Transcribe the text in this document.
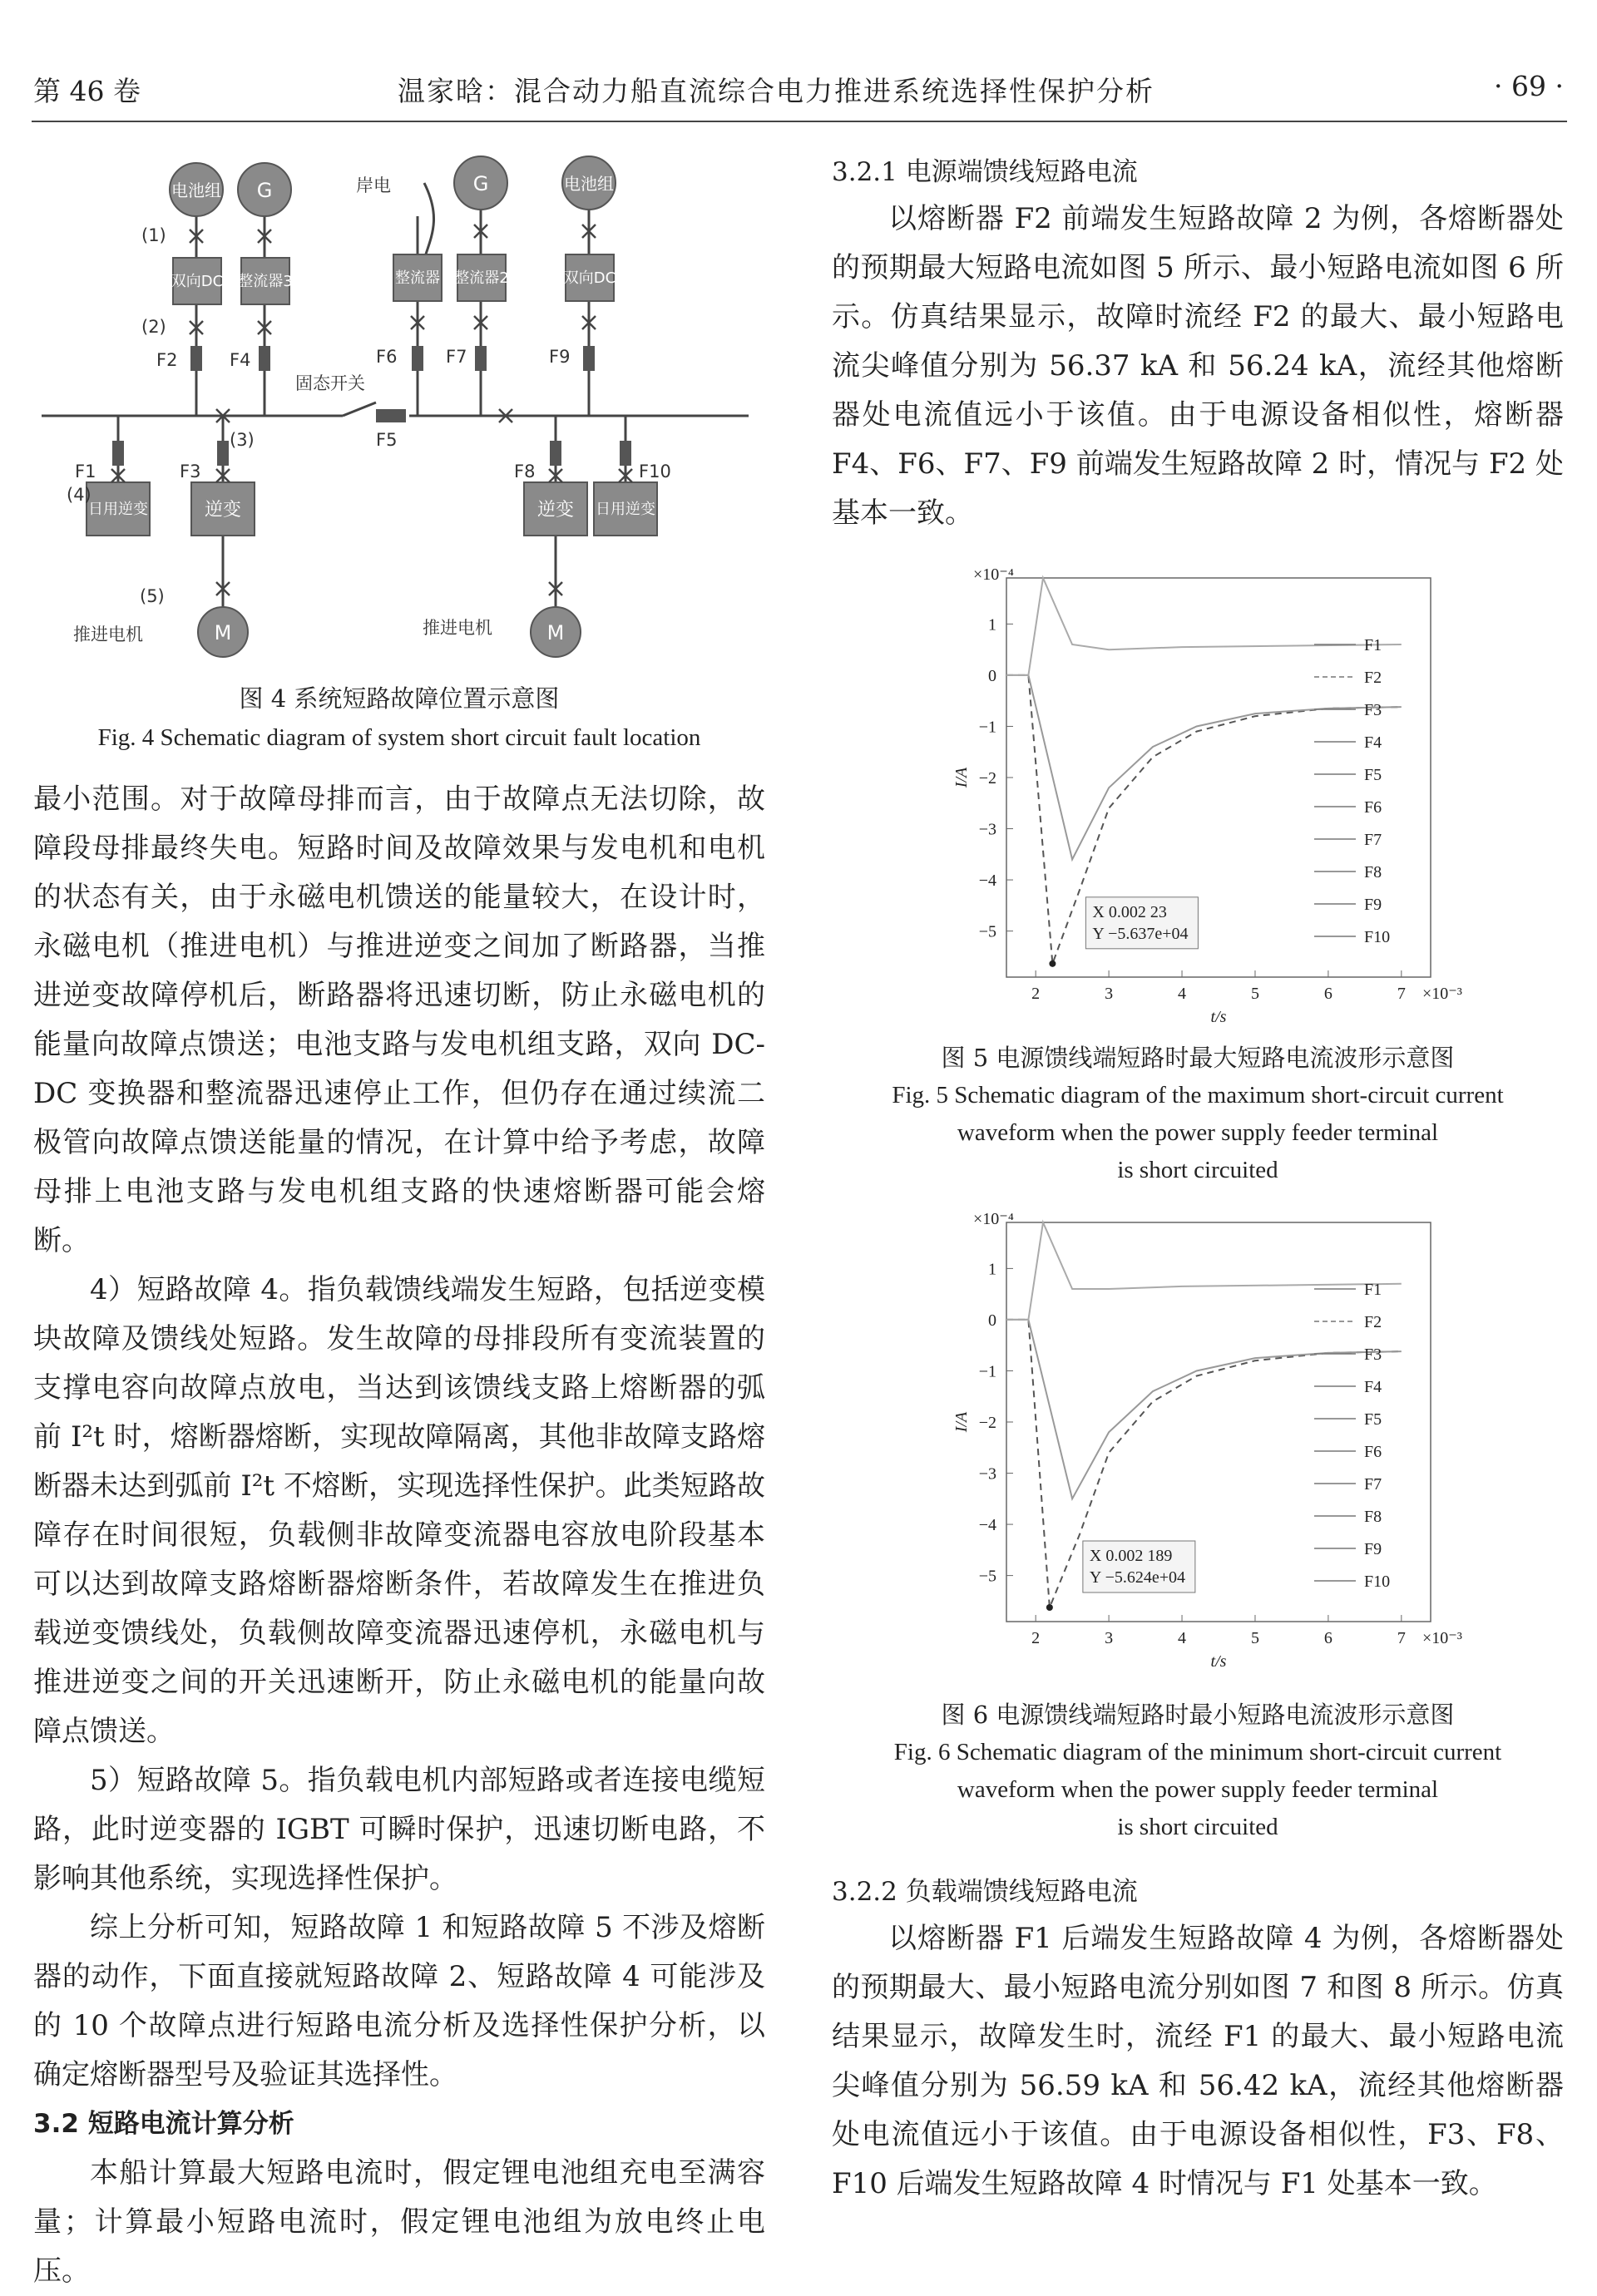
第 46 卷	温家晗：混合动力船直流综合电力推进系统选择性保护分析	· 69 ·
固态开关
电池组 G	G	电池组
岸电
双向DC 整流器3	整流器 整流器2	双向DC
日用逆变	逆变	逆变 日用逆变
M	M
推进电机	推进电机
F1
F2
F3
F4
F5
F6	F7
F8
F9
F10
(1)
(2)
(3)
(4)
(5)

图 4 系统短路故障位置示意图

Fig. 4 Schematic diagram of system short circuit fault location

最小范围。对于故障母排而言，由于故障点无法切除，故障段母排最终失电。短路时间及故障效果与发电机和电机的状态有关，由于永磁电机馈送的能量较大，在设计时，永磁电机（推进电机）与推进逆变之间加了断路器，当推进逆变故障停机后，断路器将迅速切断，防止永磁电机的能量向故障点馈送；电池支路与发电机组支路，双向 DC-DC 变换器和整流器迅速停止工作，但仍存在通过续流二极管向故障点馈送能量的情况，在计算中给予考虑，故障母排上电池支路与发电机组支路的快速熔断器可能会熔断。

4）短路故障 4。指负载馈线端发生短路，包括逆变模块故障及馈线处短路。发生故障的母排段所有变流装置的支撑电容向故障点放电，当达到该馈线支路上熔断器的弧前 I²t 时，熔断器熔断，实现故障隔离，其他非故障支路熔断器未达到弧前 I²t 不熔断，实现选择性保护。此类短路故障存在时间很短，负载侧非故障变流器电容放电阶段基本可以达到故障支路熔断器熔断条件，若故障发生在推进负载逆变馈线处，负载侧故障变流器迅速停机，永磁电机与推进逆变之间的开关迅速断开，防止永磁电机的能量向故障点馈送。

5）短路故障 5。指负载电机内部短路或者连接电缆短路，此时逆变器的 IGBT 可瞬时保护，迅速切断电路，不影响其他系统，实现选择性保护。

综上分析可知，短路故障 1 和短路故障 5 不涉及熔断器的动作，下面直接就短路故障 2、短路故障 4 可能涉及的 10 个故障点进行短路电流分析及选择性保护分析，以确定熔断器型号及验证其选择性。

3.2 短路电流计算分析

本船计算最大短路电流时，假定锂电池组充电至满容量；计算最小短路电流时，假定锂电池组为放电终止电压。

3.2.1 电源端馈线短路电流

以熔断器 F2 前端发生短路故障 2 为例，各熔断器处的预期最大短路电流如图 5 所示、最小短路电流如图 6 所示。仿真结果显示，故障时流经 F2 的最大、最小短路电流尖峰值分别为 56.37 kA 和 56.24 kA，流经其他熔断器处电流值远小于该值。由于电源设备相似性，熔断器 F4、F6、F7、F9 前端发生短路故障 2 时，情况与 F2 处基本一致。

2	3	4	5	6	7
1
0
−1
−2
−3
−4
−5
×10⁻⁴
×10⁻³
t/s
I/A
X 0.002 23
Y −5.637e+04
F1
F2
F3
F4
F5
F6
F7
F8
F9
F10

图 5 电源馈线端短路时最大短路电流波形示意图

Fig. 5 Schematic diagram of the maximum short-circuit current

waveform when the power supply feeder terminal

is short circuited

2	3	4	5	6	7
1
0
−1
−2
−3
−4
−5
×10⁻⁴
×10⁻³
t/s
I/A
X 0.002 189
Y −5.624e+04
F1
F2
F3
F4
F5
F6
F7
F8
F9
F10

图 6 电源馈线端短路时最小短路电流波形示意图

Fig. 6 Schematic diagram of the minimum short-circuit current

waveform when the power supply feeder terminal

is short circuited

3.2.2 负载端馈线短路电流

以熔断器 F1 后端发生短路故障 4 为例，各熔断器处的预期最大、最小短路电流分别如图 7 和图 8 所示。仿真结果显示，故障发生时，流经 F1 的最大、最小短路电流尖峰值分别为 56.59 kA 和 56.42 kA，流经其他熔断器处电流值远小于该值。由于电源设备相似性，F3、F8、F10 后端发生短路故障 4 时情况与 F1 处基本一致。
